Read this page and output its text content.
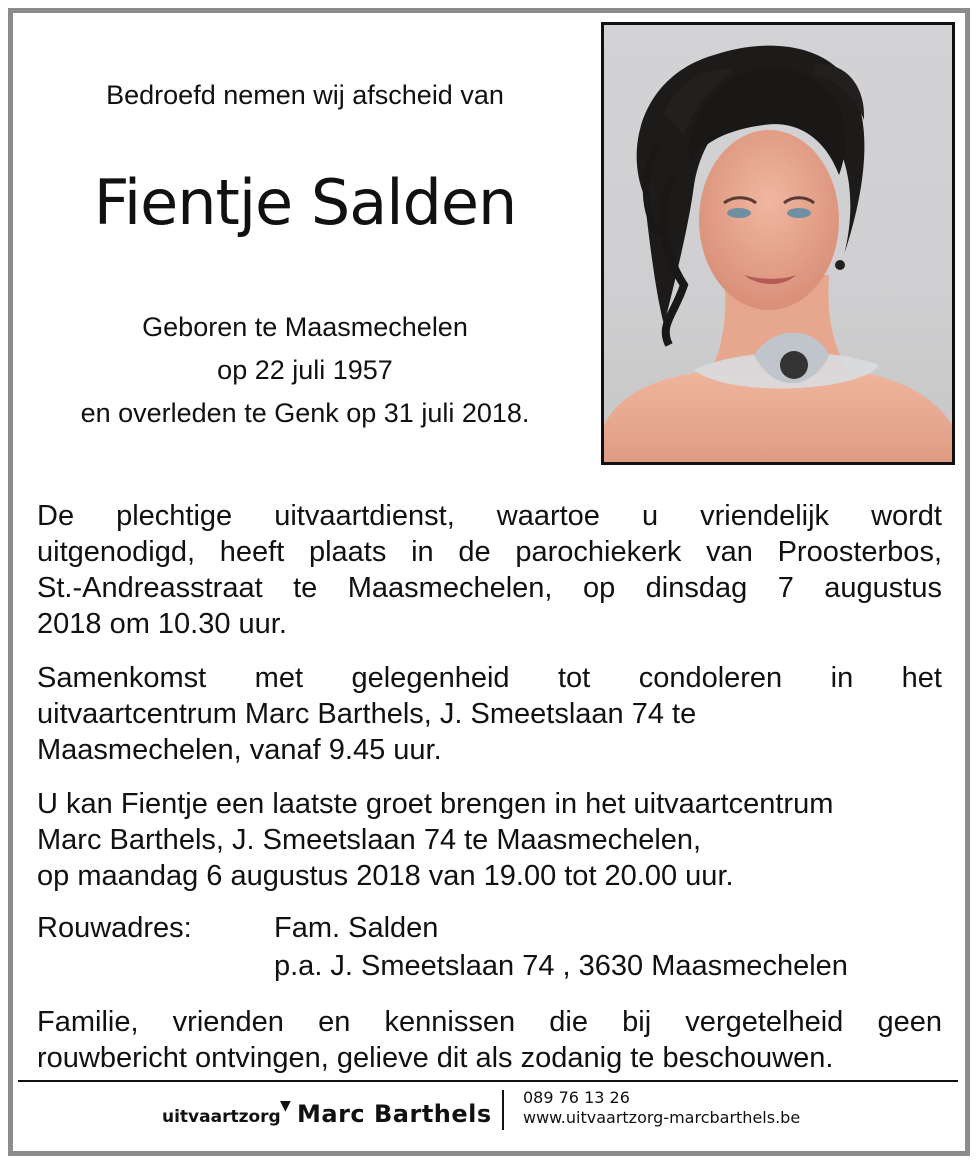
Bedroefd nemen wij afscheid van
Fientje Salden
Geboren te Maasmechelen
op 22 juli 1957
en overleden te Genk op 31 juli 2018.
De plechtige uitvaartdienst, waartoe u vriendelijk wordt
uitgenodigd, heeft plaats in de parochiekerk van Proosterbos,
St.-Andreasstraat te Maasmechelen, op dinsdag 7 augustus
2018 om 10.30 uur.
Samenkomst met gelegenheid tot condoleren in het
uitvaartcentrum Marc Barthels, J. Smeetslaan 74 te
Maasmechelen, vanaf 9.45 uur.
U kan Fientje een laatste groet brengen in het uitvaartcentrum
Marc Barthels, J. Smeetslaan 74 te Maasmechelen,
op maandag 6 augustus 2018 van 19.00 tot 20.00 uur.
Rouwadres:	Fam. Salden
p.a. J. Smeetslaan 74 , 3630 Maasmechelen
Familie, vrienden en kennissen die bij vergetelheid geen
rouwbericht ontvingen, gelieve dit als zodanig te beschouwen.
uitvaartzorg
▼ Marc Barthels
089 76 13 26
www.uitvaartzorg-marcbarthels.be
